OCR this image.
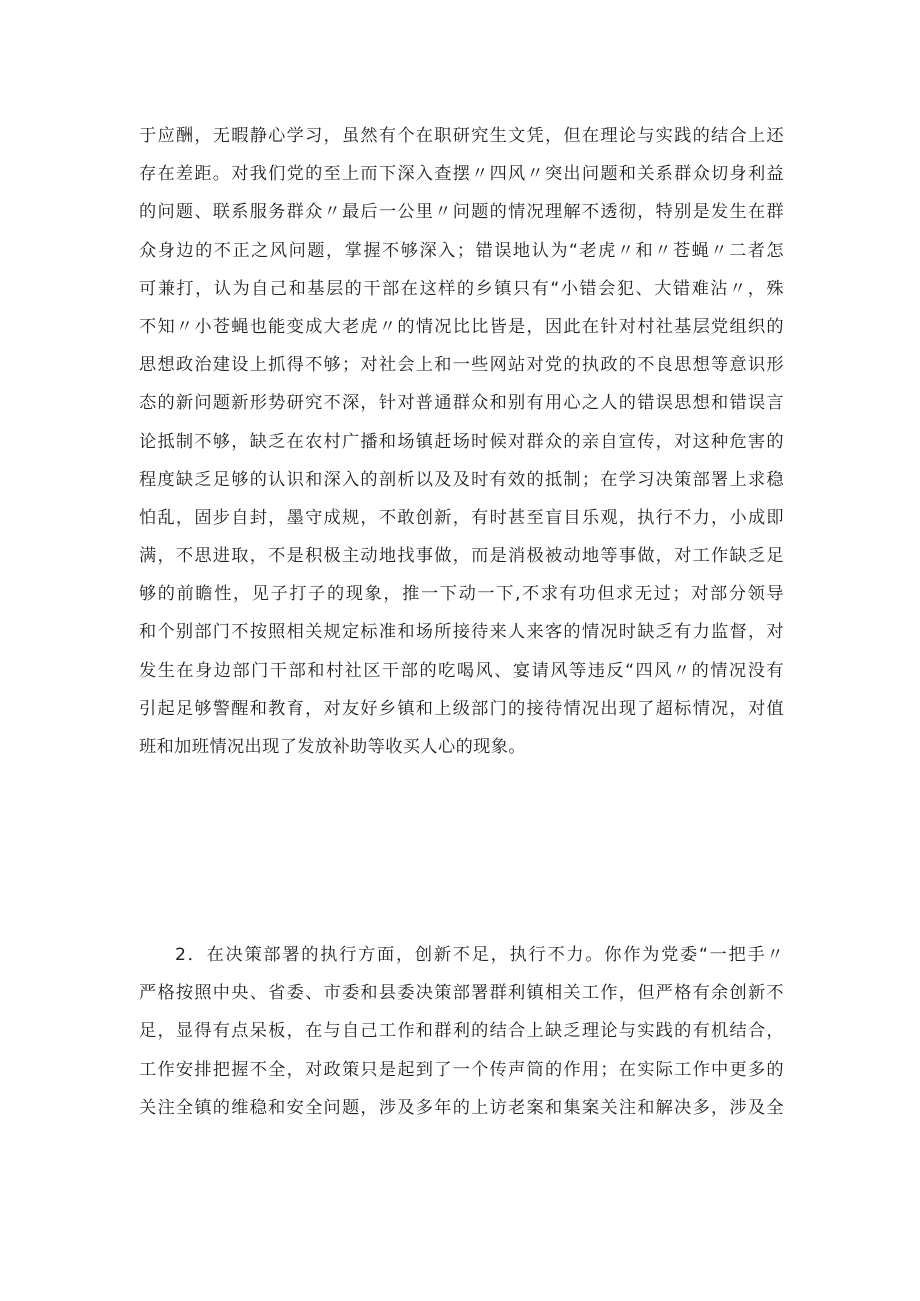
于应酬，无暇静心学习，虽然有个在职研究生文凭，但在理论与实践的结合上还
存在差距。对我们党的至上而下深入查摆〃四风〃突出问题和关系群众切身利益
的问题、联系服务群众〃最后一公里〃问题的情况理解不透彻，特别是发生在群
众身边的不正之风问题，掌握不够深入；错误地认为“老虎〃和〃苍蝇〃二者怎
可兼打，认为自己和基层的干部在这样的乡镇只有“小错会犯、大错难沾〃，殊
不知〃小苍蝇也能变成大老虎〃的情况比比皆是，因此在针对村社基层党组织的
思想政治建设上抓得不够；对社会上和一些网站对党的执政的不良思想等意识形
态的新问题新形势研究不深，针对普通群众和别有用心之人的错误思想和错误言
论抵制不够，缺乏在农村广播和场镇赶场时候对群众的亲自宣传，对这种危害的
程度缺乏足够的认识和深入的剖析以及及时有效的抵制；在学习决策部署上求稳
怕乱，固步自封，墨守成规，不敢创新，有时甚至盲目乐观，执行不力，小成即
满，不思进取，不是积极主动地找事做，而是消极被动地等事做，对工作缺乏足
够的前瞻性，见子打子的现象，推一下动一下,不求有功但求无过；对部分领导
和个别部门不按照相关规定标准和场所接待来人来客的情况时缺乏有力监督，对
发生在身边部门干部和村社区干部的吃喝风、宴请风等违反“四风〃的情况没有
引起足够警醒和教育，对友好乡镇和上级部门的接待情况出现了超标情况，对值
班和加班情况出现了发放补助等收买人心的现象。
2．在决策部署的执行方面，创新不足，执行不力。你作为党委“一把手〃
严格按照中央、省委、市委和县委决策部署群利镇相关工作，但严格有余创新不
足，显得有点呆板，在与自己工作和群利的结合上缺乏理论与实践的有机结合，
工作安排把握不全，对政策只是起到了一个传声筒的作用；在实际工作中更多的
关注全镇的维稳和安全问题，涉及多年的上访老案和集案关注和解决多，涉及全
